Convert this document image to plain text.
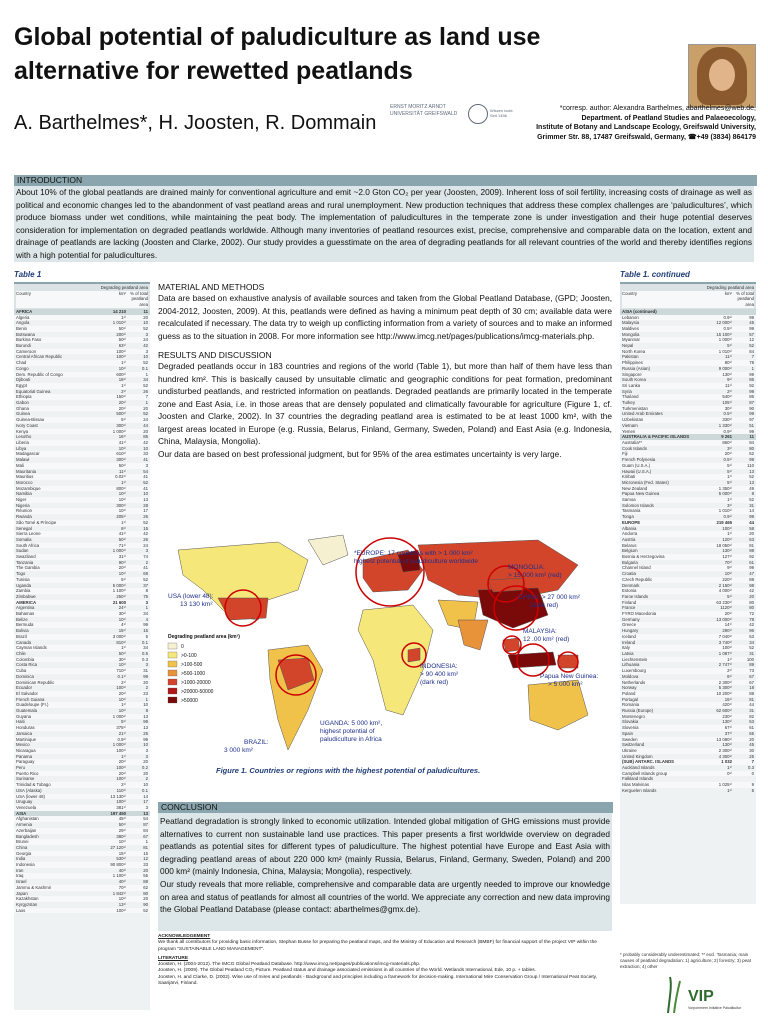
Global potential of paludiculture as land use
alternative for rewetted peatlands
A. Barthelmes*, H. Joosten, R. Dommain
ERNST MORITZ ARNDT UNIVERSITÄT GREIFSWALD
Wissen lockt. Seit 1456
*corresp. author: Alexandra Barthelmes, abarthelmes@web.de,
Department. of Peatland Studies and Palaeoecology,
Institute of Botany and Landscape Ecology, Greifswald University,
Grimmer Str. 88, 17487 Greifswald, Germany, ☎+49 (3834) 864179
INTRODUCTION
About 10% of the global peatlands are drained mainly for conventional agriculture and emit ~2.0 Gton CO₂ per year (Joosten, 2009). Inherent loss of soil fertility, increasing costs of drainage as well as political and economic changes led to the abandonment of vast peatland areas and rural unemployment. New production techniques that address these complex challenges are ‘paludicultures’, which produce biomass under wet conditions, while maintaining the peat body. The implementation of paludicultures in the temperate zone is under investigation and their huge potential deserves consideration for implementation on degraded peatlands worldwide. Although many inventories of peatland resources exist, precise, comprehensive and comparable data on the location, extent and drainage of peatlands are lacking (Joosten and Clarke, 2002). Our study provides a guesstimate on the area of degrading peatlands for all relevant countries of the world and thereby identifies regions with a high potential for paludicultures.
Table 1
Degrading peatland area
Country	km² % of total peatland area
AFRICA	14 210	11
Algeria	1¹⁾	20
Angola	1 010¹⁾	10
Benin	50¹⁾	52
Botswana	200¹⁾	3
Burkina Faso	50²⁾	24
Burundi	63¹⁾	42
Cameroon	100¹⁾	3
Central African Republic	100¹⁾	10
Chad	1¹⁾	52
Congo	10¹⁾	0.1
Dem. Republic of Congo	600¹⁾	1
Djibouti	18¹⁾	34
Egypt	1¹⁾	52
Equatorial Guinea	2¹⁾	26
Ethiopia	150¹⁾	7
Gabon	20¹⁾	1
Ghana	20¹⁾	20
Guinea	500¹⁾	52
Guinea-Bissau	5¹⁾	24
Ivory Coast	300¹⁾	44
Kenya	1 000¹⁾	20
Lesotho	16¹⁾	85
Liberia	41¹⁾	42
Libya	10¹⁾	10
Madagascar	610¹⁾	33
Malawi	300¹⁾	41
Mali	50¹⁾	3
Mauritania	11¹⁾	54
Mauritius	0.02¹⁾	41
Morocco	1¹⁾	52
Mozambique	800¹⁾	41
Namibia	10¹⁾	10
Niger	10¹⁾	13
Nigeria	300¹⁾	28
Réunion	10¹⁾	17
Rwanda	205¹⁾	26
São Tomé & Príncipe	1¹⁾	52
Senegal	8¹⁾	15
Sierra Leone	41¹⁾	42
Somalia	50¹⁾	26
South Africa	71¹⁾	24
Sudan	1 000¹⁾	3
Swaziland	31¹⁾	74
Tanzania	90¹⁾	2
The Gambia	20¹⁾	41
Togo	10¹⁾	69
Tunisia	5¹⁾	52
Uganda	5 000¹⁾	37
Zambia	1 100¹⁾	8
Zimbabwe	250¹⁾	75
AMERICA	21 600	3
Argentina	24¹⁾	1
Bahamas	30¹⁾	34
Belize	10¹⁾	4
Bermuda	4¹⁾	99
Bolivia	15¹⁾	15
Brazil	3 000¹⁾	5
Canada	810¹⁾	0.1
Cayman Islands	1¹⁾	34
Chile	50¹⁾	0.5
Colombia	30¹⁾	0.3
Costa Rica	10¹⁾	3
Cuba	710¹⁾	31
Dominica	0.1¹⁾	99
Dominican Republic	2¹⁾	20
Ecuador	100¹⁾	2
El Salvador	20¹⁾	23
French Guiana	10¹⁾	1
Guadeloupe (Fr.)	1¹⁾	10
Guatemala	10¹⁾	8
Guyana	1 000¹⁾	13
Haiti	5¹⁾	99
Honduras	375¹⁾	13
Jamaica	21¹⁾	25
Martinique	0.9¹⁾	99
Mexico	1 000¹⁾	10
Nicaragua	100¹⁾	3
Panama	1¹⁾	3
Paraguay	20¹⁾	20
Peru	100¹⁾	0.2
Puerto Rico	20¹⁾	20
Suriname	100¹⁾	2
Trinidad & Tobago	2¹⁾	10
USA (Alaska)	110¹⁾	0.1
USA (lower 48)	13 130¹⁾	14
Uruguay	100¹⁾	17
Venezuela	381¹⁾	3
ASIA	197 450	13
Afghanistan	45¹⁾	54
Armenia	50¹⁾	87
Azerbaijan	29¹⁾	84
Bangladesh	380¹⁾	67
Brunei	10¹⁾	1
China	27 120¹⁾	81
Georgia	15¹⁾	15
India	530¹⁾	12
Indonesia	90 800¹⁾	33
Iran	40¹⁾	20
Iraq	1 100¹⁾	55
Israel	40¹⁾	88
Jammu & Kashmir	70¹⁾	62
Japan	1 842¹⁾	80
Kazakhstan	10¹⁾	20
Kyrgyzstan	13¹⁾	90
Laos	100¹⁾	52
Table 1. continued
Degrading peatland area
Country	km² % of total peatland area
ASIA (continued)
Lebanon	0.9¹⁾	99
Malaysia	12 000¹⁾	45
Maldives	0.5¹⁾	99
Mongolia	15 100¹⁾	57
Myanmar	1 000¹⁾	12
Nepal	5¹⁾	52
North Korea	1 010¹⁾	84
Pakistan	11¹⁾	7
Philippines	80¹⁾	78
Russia (Asian)	9 000¹⁾	1
Singapore	130¹⁾	99
South Korea	9¹⁾	86
Sri Lanka	11¹⁾	92
Syria	2¹⁾	99
Thailand	540¹⁾	86
Turkey	105¹⁾	87
Turkmenistan	30¹⁾	90
United Arab Emirates	0.5¹⁾	99
Uzbekistan	330¹⁾	97
Vietnam	1 330¹⁾	51
Yemen	0.9¹⁾	99
AUSTRALIA & PACIFIC ISLANDS	9 261	11
Australia**	860¹⁾	94
Cook Islands	3¹⁾	80
Fiji	20¹⁾	52
French Polynesia	0.5¹⁾	99
Guam (U.S.A.)	5¹⁾	110
Hawaii (U.S.A.)	5¹⁾	13
Kiribati	1¹⁾	52
Micronesia (Fed. States)	5¹⁾	13
New Zealand	1 350¹⁾	49
Papua New Guinea	5 000¹⁾	8
Samoa	1¹⁾	52
Solomon Islands	3¹⁾	31
Tasmania	1 010¹⁾	14
Tonga	0.9¹⁾	99
EUROPE	219 465	44
Albania	100¹⁾	58
Andorra	1¹⁾	20
Austria	120¹⁾	63
Belarus	18 050¹⁾	81
Belgium	130¹⁾	98
Bosnia & Herzegovina	127¹⁾	92
Bulgaria	70¹⁾	61
Channel Island	9¹⁾	99
Croatia	10¹⁾	47
Czech Republic	220¹⁾	88
Denmark	2 150¹⁾	98
Estonia	4 000¹⁾	42
Faroe Islands	5¹⁾	20
Finland	63 230¹⁾	80
France	1120¹⁾	80
FYRO Macedonia	20¹⁾	72
Germany	13 000¹⁾	78
Greece	14¹⁾	42
Hungary	290¹⁾	96
Iceland	7 040¹⁾	53
Ireland	3 740¹⁾	34
Italy	100¹⁾	52
Latvia	1 087¹⁾	31
Liechtenstein	1¹⁾	100
Lithuania	2 747¹⁾	89
Luxembourg	2¹⁾	73
Moldova	8¹⁾	67
Netherlands	2 300¹⁾	67
Norway	5 300¹⁾	18
Poland	10 200¹⁾	88
Portugal	15¹⁾	81
Romania	420¹⁾	44
Russia (Europe)	62 600¹⁾	31
Montenegro	230¹⁾	82
Slovakia	130¹⁾	53
Slovenia	67¹⁾	61
Spain	37¹⁾	65
Sweden	13 080¹⁾	20
Switzerland	130¹⁾	45
Ukraine	2 300¹⁾	30
United Kingdom	4 300¹⁾	25
(SUB) ANTARC. ISLANDS	1 032	7
Auckland Islands	1¹⁾	0.3
Campbell Islands group	0¹⁾	0
Falkland Islands
Islas Malvinas	1 025¹⁾	9
Kerguelen Islands	1¹⁾	5
* probably considerably underestimated; ** excl. Tasmania; main causes of peatland degradation: 1) agriculture; 2) forestry; 3) peat extraction; 4) other
MATERIAL AND METHODS

Data are based on exhaustive analysis of available sources and taken from the Global Peatland Database, (GPD; Joosten, 2004-2012, Joosten, 2009). At this, peatlands were defined as having a minimum peat depth of 30 cm; available data were recalculated if necessary. The data try to weigh up conflicting information from a variety of sources and to make an informed guess as to the situation in 2008. For more information see http://www.imcg.net/pages/publications/imcg-materials.php.

RESULTS AND DISCUSSION

Degraded peatlands occur in 183 countries and regions of the world (Table 1), but more than half of them have less than hundred km². This is basically caused by unsuitable climatic and geographic conditions for peat formation, predominant undisturbed peatlands, and restricted information on peatlands. Degraded peatlands are primarily located in the temperate zone and East Asia, i.e. in those areas that are densely populated and climatically favourable for agriculture (Figure 1, cf. Joosten and Clarke, 2002). In 37 countries the degrading peatland area is estimated to be at least 1000 km², with the largest areas located in Europe (e.g. Russia, Belarus, Finland, Germany, Sweden, Poland) and East Asia (e.g. Indonesia, China, Malaysia, Mongolia).

Our data are based on best professional judgment, but for 95% of the area estimates uncertainty is very large.

*EUROPE: 17 countries with > 1 000 km²
highest potential of paludiculture worldwide
USA (lower 48):
13 130 km²
MONGOLIA:
> 15 000 km² (red)
CHINA: > 27 000 km²
(dark red)
MALAYSIA:
12 .00 km² (red)
INDONESIA:
> 90 400 km²
(dark red)
Papua New Guinea:
> 5 000 km²
UGANDA: 5 000 km²,
highest potential of
paludiculture in Africa
BRAZIL:
3 000 km²
Degrading peatland area (km²)
0
>0-100
>100-500
>500-1000
>1000-20000
>20000-50000
>50000
Figure 1. Countries or regions with the highest potential of paludicultures.
CONCLUSION
Peatland degradation is strongly linked to economic utilization. Intended global mitigation of GHG emissions must provide alternatives to current non sustainable land use practices. This paper presents a first worldwide overview on degraded peatlands as potential sites for different types of paludiculture. The highest potential have Europe and East Asia with degrading peatland areas of about 220 000 km² (mainly Russia, Belarus, Finland, Germany, Sweden, Poland) and 200 000 km² (mainly Indonesia, China, Malaysia; Mongolia), respectively.
Our study reveals that more reliable, comprehensive and comparable data are urgently needed to improve our knowledge on area and status of peatlands for almost all countries of the world. We appreciate any correction and new data improving the Global Peatland Database (please contact: abarthelmes@gmx.de).
ACKNOWLEDGEMENT
We thank all contributors for providing basic information, Stephan Busse for preparing the peatland maps, and the Ministry of Education and Research (BMBF) for financial support of the project VIP within the program "SUSTAINABLE LAND MANAGEMENT".
LITERATURE
Joosten, H. (2004-2012). The IMCG Global Peatland Database. http://www.imcg.net/pages/publications/imcg-materials.php.
Joosten, H. (2009). The Global Peatland CO₂ Picture. Peatland status and drainage associated emissions in all countries of the World. Wetlands International, Ede, 10 p. + tables.
Joosten, H. and Clarke, D. (2002). Wise use of mires and peatlands - Background and principles including a framework for decision-making. International Mire Conservation Group / International Peat Society, Saarijärvi, Finland.
VIP
Vorpommern Initiative Paludikultur
